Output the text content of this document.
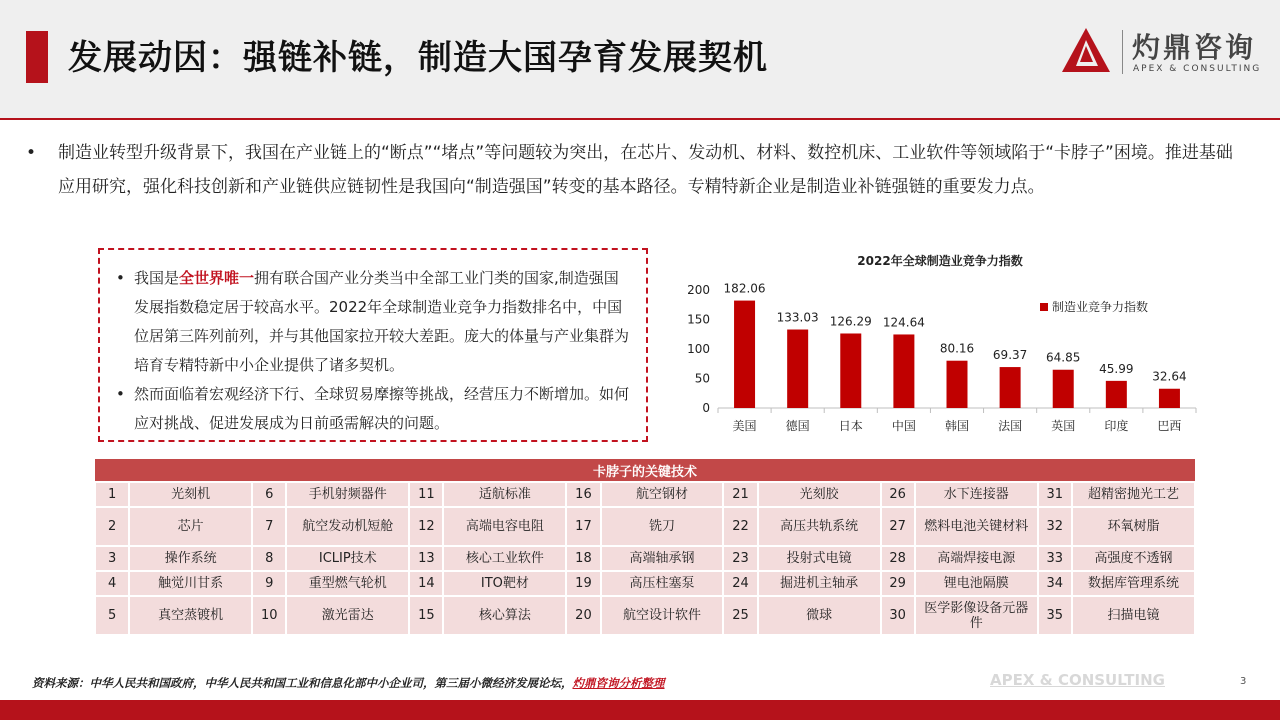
发展动因：强链补链，制造大国孕育发展契机	灼鼎咨询
APEX & CONSULTING
• 制造业转型升级背景下，我国在产业链上的“断点”“堵点”等问题较为突出，在芯片、发动机、材料、数控机床、工业软件等领域陷于“卡脖子”困境。推进基础应用研究，强化科技创新和产业链供应链韧性是我国向“制造强国”转变的基本路径。专精特新企业是制造业补链强链的重要发力点。
• 我国是全世界唯一拥有联合国产业分类当中全部工业门类的国家,制造强国发展指数稳定居于较高水平。2022年全球制造业竞争力指数排名中，中国位居第三阵列前列，并与其他国家拉开较大差距。庞大的体量与产业集群为培育专精特新中小企业提供了诸多契机。
• 然而面临着宏观经济下行、全球贸易摩擦等挑战，经营压力不断增加。如何应对挑战、促进发展成为日前亟需解决的问题。
2022年全球制造业竞争力指数
0
50
100
150
200 182.06
美国
133.03
德国
126.29
日本
124.64
中国
80.16
韩国
69.37
法国
64.85
英国
45.99
印度
32.64
巴西
制造业竞争力指数
卡脖子的关键技术													
1	光刻机	6	手机射频器件	11	适航标准	16	航空钢材	21	光刻胶	26	水下连接器	31	超精密抛光工艺
2	芯片	7	航空发动机短舱	12	高端电容电阻	17	铣刀	22	高压共轨系统	27	燃料电池关键材料	32	环氧树脂
3	操作系统	8	ICLIP技术	13	核心工业软件	18	高端轴承钢	23	投射式电镜	28	高端焊接电源	33	高强度不透钢
4	触觉川甘系	9	重型燃气轮机	14	ITO靶材	19	高压柱塞泵	24	掘进机主轴承	29	锂电池隔膜	34	数据库管理系统
5	真空蒸镀机	10	激光雷达	15	核心算法	20	航空设计软件	25	微球	30	医学影像设备元器件	35	扫描电镜
资料来源：中华人民共和国政府，中华人民共和国工业和信息化部中小企业司，第三届小微经济发展论坛，灼鼎咨询分析整理	APEX & CONSULTING	3
